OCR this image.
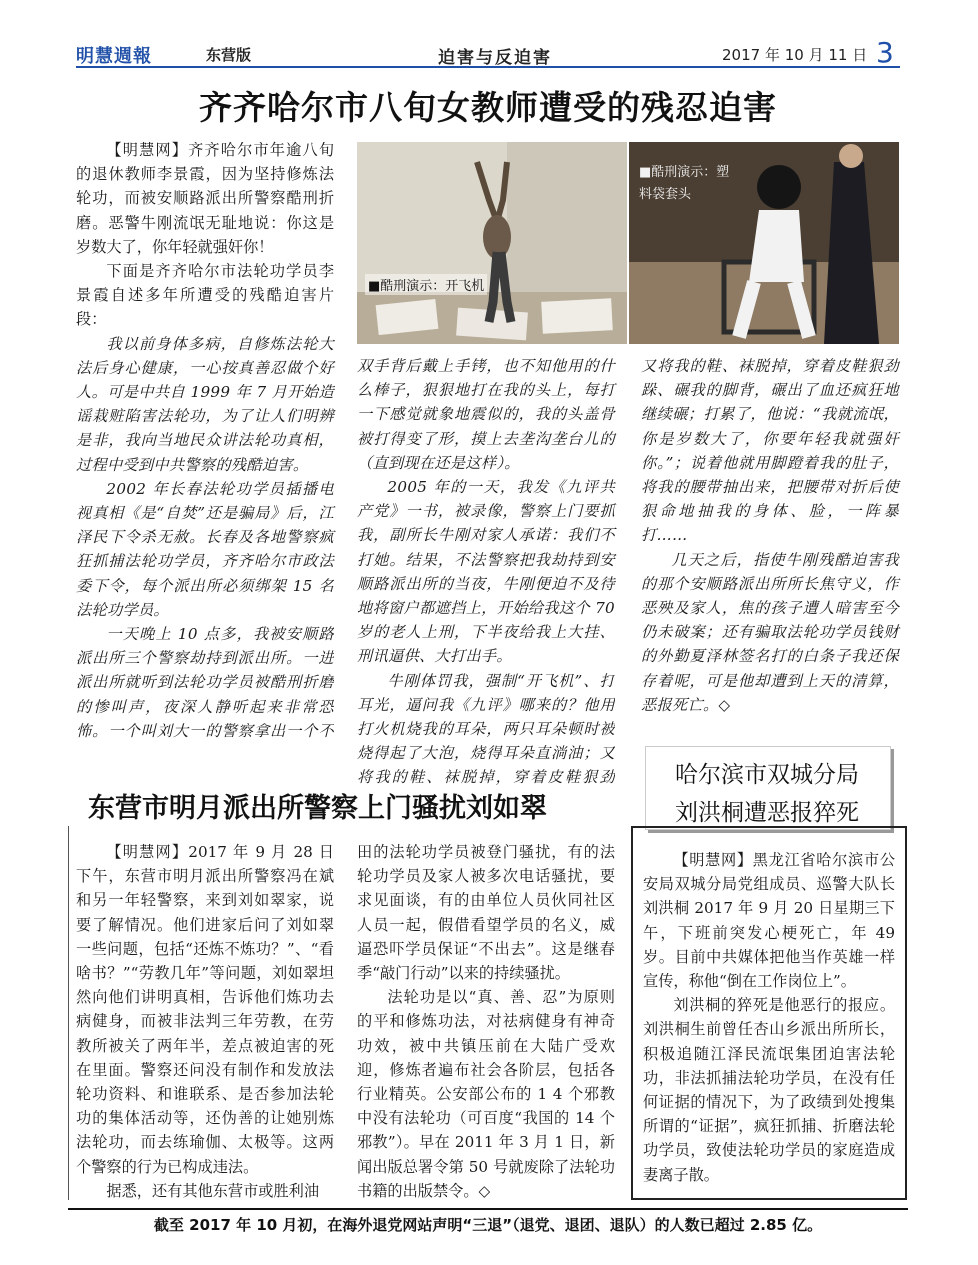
明慧週報	东营版	迫害与反迫害	2017 年 10 月 11 日 3
齐齐哈尔市八旬女教师遭受的残忍迫害

【明慧网】齐齐哈尔市年逾八旬的退休教师李景霞，因为坚持修炼法轮功，而被安顺路派出所警察酷刑折磨。恶警牛刚流氓无耻地说：你这是岁数大了，你年轻就强奸你！

下面是齐齐哈尔市法轮功学员李景霞自述多年所遭受的残酷迫害片段：

我以前身体多病，自修炼法轮大法后身心健康，一心按真善忍做个好人。可是中共自 1999 年 7 月开始造谣栽赃陷害法轮功，为了让人们明辨是非，我向当地民众讲法轮功真相，过程中受到中共警察的残酷迫害。

2002 年长春法轮功学员插播电视真相《是“自焚”还是骗局》后，江泽民下令杀无赦。长春及各地警察疯狂抓捕法轮功学员，齐齐哈尔市政法委下令，每个派出所必须绑架 15 名法轮功学员。

一天晚上 10 点多，我被安顺路派出所三个警察劫持到派出所。一进派出所就听到法轮功学员被酷刑折磨的惨叫声，夜深人静听起来非常恐怖。一个叫刘大一的警察拿出一个不

■酷刑演示：开飞机
■酷刑演示：塑料袋套头

双手背后戴上手铐，也不知他用的什么棒子，狠狠地打在我的头上，每打一下感觉就象地震似的，我的头盖骨被打得变了形，摸上去垄沟垄台儿的（直到现在还是这样）。

2005 年的一天，我发《九评共产党》一书，被录像，警察上门要抓我，副所长牛刚对家人承诺：我们不打她。结果，不法警察把我劫持到安顺路派出所的当夜，牛刚便迫不及待地将窗户都遮挡上，开始给我这个 70 岁的老人上刑，下半夜给我上大挂、刑讯逼供、大打出手。

牛刚体罚我，强制“开飞机”、打耳光，逼问我《九评》哪来的？他用打火机烧我的耳朵，两只耳朵顿时被烧得起了大泡，烧得耳朵直淌油；又将我的鞋、袜脱掉，穿着皮鞋狠劲

又将我的鞋、袜脱掉，穿着皮鞋狠劲跺、碾我的脚背，碾出了血还疯狂地继续碾；打累了，他说：“我就流氓，你是岁数大了，你要年轻我就强奸你。”；说着他就用脚蹬着我的肚子，将我的腰带抽出来，把腰带对折后使狠命地抽我的身体、脸，一阵暴打……

几天之后，指使牛刚残酷迫害我的那个安顺路派出所所长焦守义，作恶殃及家人，焦的孩子遭人暗害至今仍未破案；还有骗取法轮功学员钱财的外勤夏泽林签名打的白条子我还保存着呢，可是他却遭到上天的清算，恶报死亡。◇

哈尔滨市双城分局
刘洪桐遭恶报猝死
东营市明月派出所警察上门骚扰刘如翠

【明慧网】2017 年 9 月 28 日下午，东营市明月派出所警察冯在斌和另一年轻警察，来到刘如翠家，说要了解情况。他们进家后问了刘如翠一些问题，包括“还炼不炼功？”、“看啥书？”“劳教几年”等问题，刘如翠坦然向他们讲明真相，告诉他们炼功去病健身，而被非法判三年劳教，在劳教所被关了两年半，差点被迫害的死在里面。警察还问没有制作和发放法轮功资料、和谁联系、是否参加法轮功的集体活动等，还伪善的让她别炼法轮功，而去练瑜伽、太极等。这两个警察的行为已构成违法。

据悉，还有其他东营市或胜利油

田的法轮功学员被登门骚扰，有的法轮功学员及家人被多次电话骚扰，要求见面谈，有的由单位人员伙同社区人员一起，假借看望学员的名义，威逼恐吓学员保证“不出去”。这是继春季“敲门行动”以来的持续骚扰。

法轮功是以“真、善、忍”为原则的平和修炼功法，对祛病健身有神奇功效，被中共镇压前在大陆广受欢迎，修炼者遍布社会各阶层，包括各行业精英。公安部公布的 1 4 个邪教中没有法轮功（可百度“我国的 14 个邪教”）。早在 2011 年 3 月 1 日，新闻出版总署令第 50 号就废除了法轮功书籍的出版禁令。◇

【明慧网】黑龙江省哈尔滨市公安局双城分局党组成员、巡警大队长刘洪桐 2017 年 9 月 20 日星期三下午，下班前突发心梗死亡，年 49 岁。目前中共媒体把他当作英雄一样宣传，称他“倒在工作岗位上”。

刘洪桐的猝死是他恶行的报应。刘洪桐生前曾任杏山乡派出所所长，积极追随江泽民流氓集团迫害法轮功，非法抓捕法轮功学员，在没有任何证据的情况下，为了政绩到处搜集所谓的“证据”，疯狂抓捕、折磨法轮功学员，致使法轮功学员的家庭造成妻离子散。

截至 2017 年 10 月初，在海外退党网站声明“三退”（退党、退团、退队）的人数已超过 2.85 亿。
